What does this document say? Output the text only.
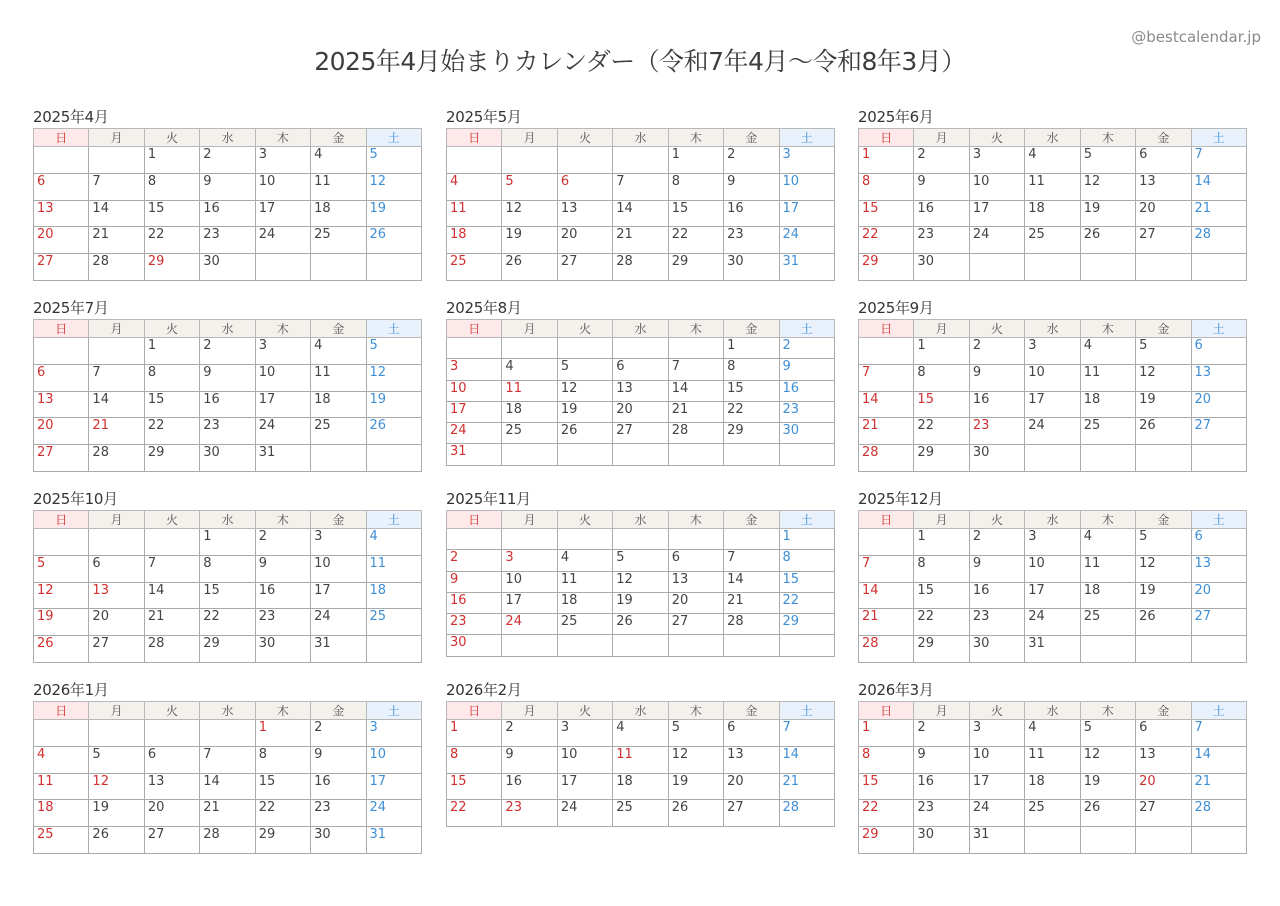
2025年4月始まりカレンダー（令和7年4月〜令和8年3月）
@bestcalendar.jp
2025年4月
日	月	火	水	木	金	土
		1	2	3	4	5
6	7	8	9	10	11	12
13	14	15	16	17	18	19
20	21	22	23	24	25	26
27	28	29	30			
2025年5月
日	月	火	水	木	金	土
				1	2	3
4	5	6	7	8	9	10
11	12	13	14	15	16	17
18	19	20	21	22	23	24
25	26	27	28	29	30	31
2025年6月
日	月	火	水	木	金	土
1	2	3	4	5	6	7
8	9	10	11	12	13	14
15	16	17	18	19	20	21
22	23	24	25	26	27	28
29	30					
2025年7月
日	月	火	水	木	金	土
		1	2	3	4	5
6	7	8	9	10	11	12
13	14	15	16	17	18	19
20	21	22	23	24	25	26
27	28	29	30	31		
2025年8月
日	月	火	水	木	金	土
					1	2
3	4	5	6	7	8	9
10	11	12	13	14	15	16
17	18	19	20	21	22	23
24	25	26	27	28	29	30
31						
2025年9月
日	月	火	水	木	金	土
	1	2	3	4	5	6
7	8	9	10	11	12	13
14	15	16	17	18	19	20
21	22	23	24	25	26	27
28	29	30				
2025年10月
日	月	火	水	木	金	土
			1	2	3	4
5	6	7	8	9	10	11
12	13	14	15	16	17	18
19	20	21	22	23	24	25
26	27	28	29	30	31	
2025年11月
日	月	火	水	木	金	土
						1
2	3	4	5	6	7	8
9	10	11	12	13	14	15
16	17	18	19	20	21	22
23	24	25	26	27	28	29
30						
2025年12月
日	月	火	水	木	金	土
	1	2	3	4	5	6
7	8	9	10	11	12	13
14	15	16	17	18	19	20
21	22	23	24	25	26	27
28	29	30	31			
2026年1月
日	月	火	水	木	金	土
				1	2	3
4	5	6	7	8	9	10
11	12	13	14	15	16	17
18	19	20	21	22	23	24
25	26	27	28	29	30	31
2026年2月
日	月	火	水	木	金	土
1	2	3	4	5	6	7
8	9	10	11	12	13	14
15	16	17	18	19	20	21
22	23	24	25	26	27	28
2026年3月
日	月	火	水	木	金	土
1	2	3	4	5	6	7
8	9	10	11	12	13	14
15	16	17	18	19	20	21
22	23	24	25	26	27	28
29	30	31				
